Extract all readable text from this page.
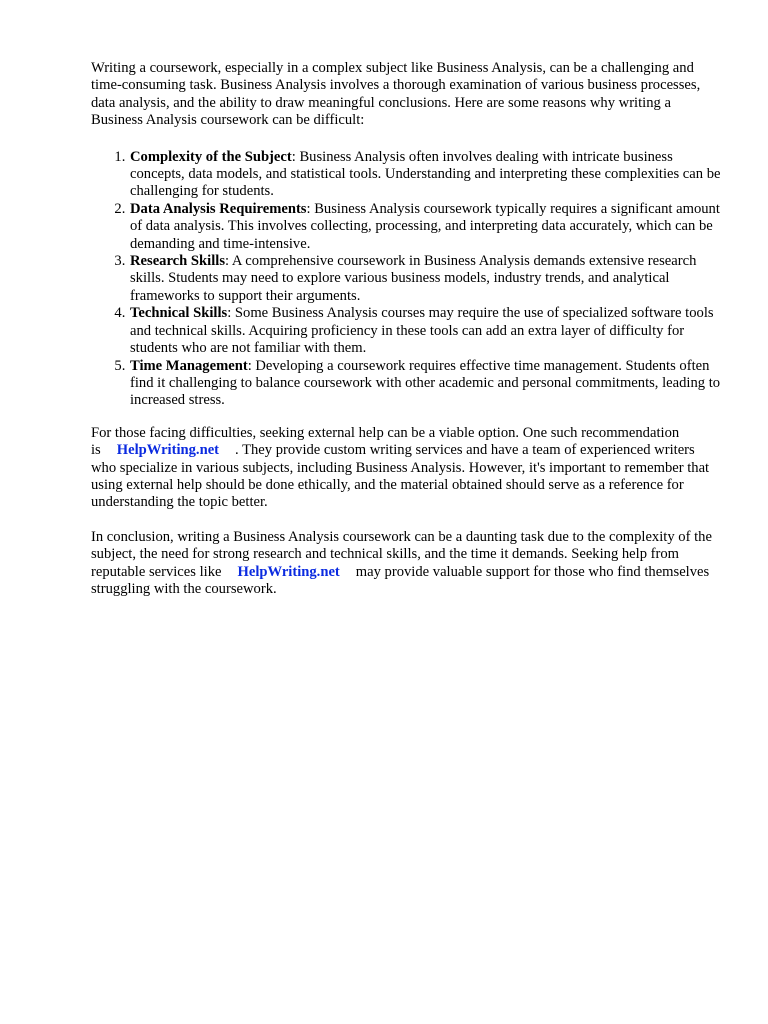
Writing a coursework, especially in a complex subject like Business Analysis, can be a challenging and time-consuming task. Business Analysis involves a thorough examination of various business processes, data analysis, and the ability to draw meaningful conclusions. Here are some reasons why writing a Business Analysis coursework can be difficult:

1. Complexity of the Subject: Business Analysis often involves dealing with intricate business concepts, data models, and statistical tools. Understanding and interpreting these complexities can be challenging for students.
2. Data Analysis Requirements: Business Analysis coursework typically requires a significant amount of data analysis. This involves collecting, processing, and interpreting data accurately, which can be demanding and time-intensive.
3. Research Skills: A comprehensive coursework in Business Analysis demands extensive research skills. Students may need to explore various business models, industry trends, and analytical frameworks to support their arguments.
4. Technical Skills: Some Business Analysis courses may require the use of specialized software tools and technical skills. Acquiring proficiency in these tools can add an extra layer of difficulty for students who are not familiar with them.
5. Time Management: Developing a coursework requires effective time management. Students often find it challenging to balance coursework with other academic and personal commitments, leading to increased stress.

For those facing difficulties, seeking external help can be a viable option. One such recommendation is HelpWriting.net . They provide custom writing services and have a team of experienced writers who specialize in various subjects, including Business Analysis. However, it's important to remember that using external help should be done ethically, and the material obtained should serve as a reference for understanding the topic better.

In conclusion, writing a Business Analysis coursework can be a daunting task due to the complexity of the subject, the need for strong research and technical skills, and the time it demands. Seeking help from reputable services like HelpWriting.net may provide valuable support for those who find themselves struggling with the coursework.
